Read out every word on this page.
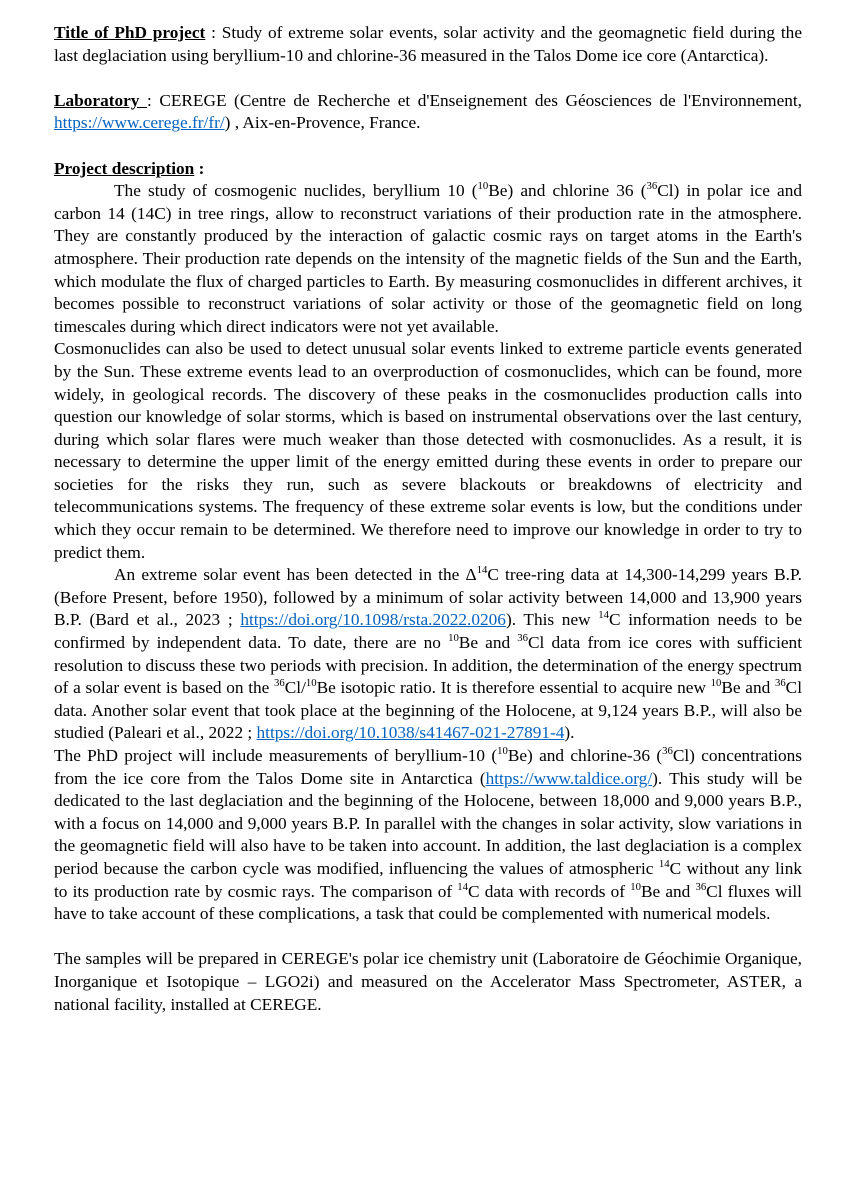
Title of PhD project : Study of extreme solar events, solar activity and the geomagnetic field during the last deglaciation using beryllium-10 and chlorine-36 measured in the Talos Dome ice core (Antarctica).

Laboratory : CEREGE (Centre de Recherche et d'Enseignement des Géosciences de l'Environnement, https://www.cerege.fr/fr/) , Aix-en-Provence, France.

Project description :

The study of cosmogenic nuclides, beryllium 10 ($^{10}$Be) and chlorine 36 ($^{36}$Cl) in polar ice and carbon 14 (14C) in tree rings, allow to reconstruct variations of their production rate in the atmosphere. They are constantly produced by the interaction of galactic cosmic rays on target atoms in the Earth's atmosphere. Their production rate depends on the intensity of the magnetic fields of the Sun and the Earth, which modulate the flux of charged particles to Earth. By measuring cosmonuclides in different archives, it becomes possible to reconstruct variations of solar activity or those of the geomagnetic field on long timescales during which direct indicators were not yet available.

Cosmonuclides can also be used to detect unusual solar events linked to extreme particle events generated by the Sun. These extreme events lead to an overproduction of cosmonuclides, which can be found, more widely, in geological records. The discovery of these peaks in the cosmonuclides production calls into question our knowledge of solar storms, which is based on instrumental observations over the last century, during which solar flares were much weaker than those detected with cosmonuclides. As a result, it is necessary to determine the upper limit of the energy emitted during these events in order to prepare our societies for the risks they run, such as severe blackouts or breakdowns of electricity and telecommunications systems. The frequency of these extreme solar events is low, but the conditions under which they occur remain to be determined. We therefore need to improve our knowledge in order to try to predict them.

An extreme solar event has been detected in the $\Delta^{14}C$ tree-ring data at 14,300-14,299 years B.P. (Before Present, before 1950), followed by a minimum of solar activity between 14,000 and 13,900 years B.P. (Bard et al., 2023 ; https://doi.org/10.1098/rsta.2022.0206). This new $^{14}$C information needs to be confirmed by independent data. To date, there are no $^{10}$Be and $^{36}$Cl data from ice cores with sufficient resolution to discuss these two periods with precision. In addition, the determination of the energy spectrum of a solar event is based on the $^{36}$Cl/$^{10}$Be isotopic ratio. It is therefore essential to acquire new $^{10}$Be and $^{36}$Cl data. Another solar event that took place at the beginning of the Holocene, at 9,124 years B.P., will also be studied (Paleari et al., 2022 ; https://doi.org/10.1038/s41467-021-27891-4).

The PhD project will include measurements of beryllium-10 ($^{10}$Be) and chlorine-36 ($^{36}$Cl) concentrations from the ice core from the Talos Dome site in Antarctica (https://www.taldice.org/). This study will be dedicated to the last deglaciation and the beginning of the Holocene, between 18,000 and 9,000 years B.P., with a focus on 14,000 and 9,000 years B.P. In parallel with the changes in solar activity, slow variations in the geomagnetic field will also have to be taken into account. In addition, the last deglaciation is a complex period because the carbon cycle was modified, influencing the values of atmospheric $^{14}$C without any link to its production rate by cosmic rays. The comparison of $^{14}$C data with records of $^{10}$Be and $^{36}$Cl fluxes will have to take account of these complications, a task that could be complemented with numerical models.

The samples will be prepared in CEREGE's polar ice chemistry unit (Laboratoire de Géochimie Organique, Inorganique et Isotopique – LGO2i) and measured on the Accelerator Mass Spectrometer, ASTER, a national facility, installed at CEREGE.
